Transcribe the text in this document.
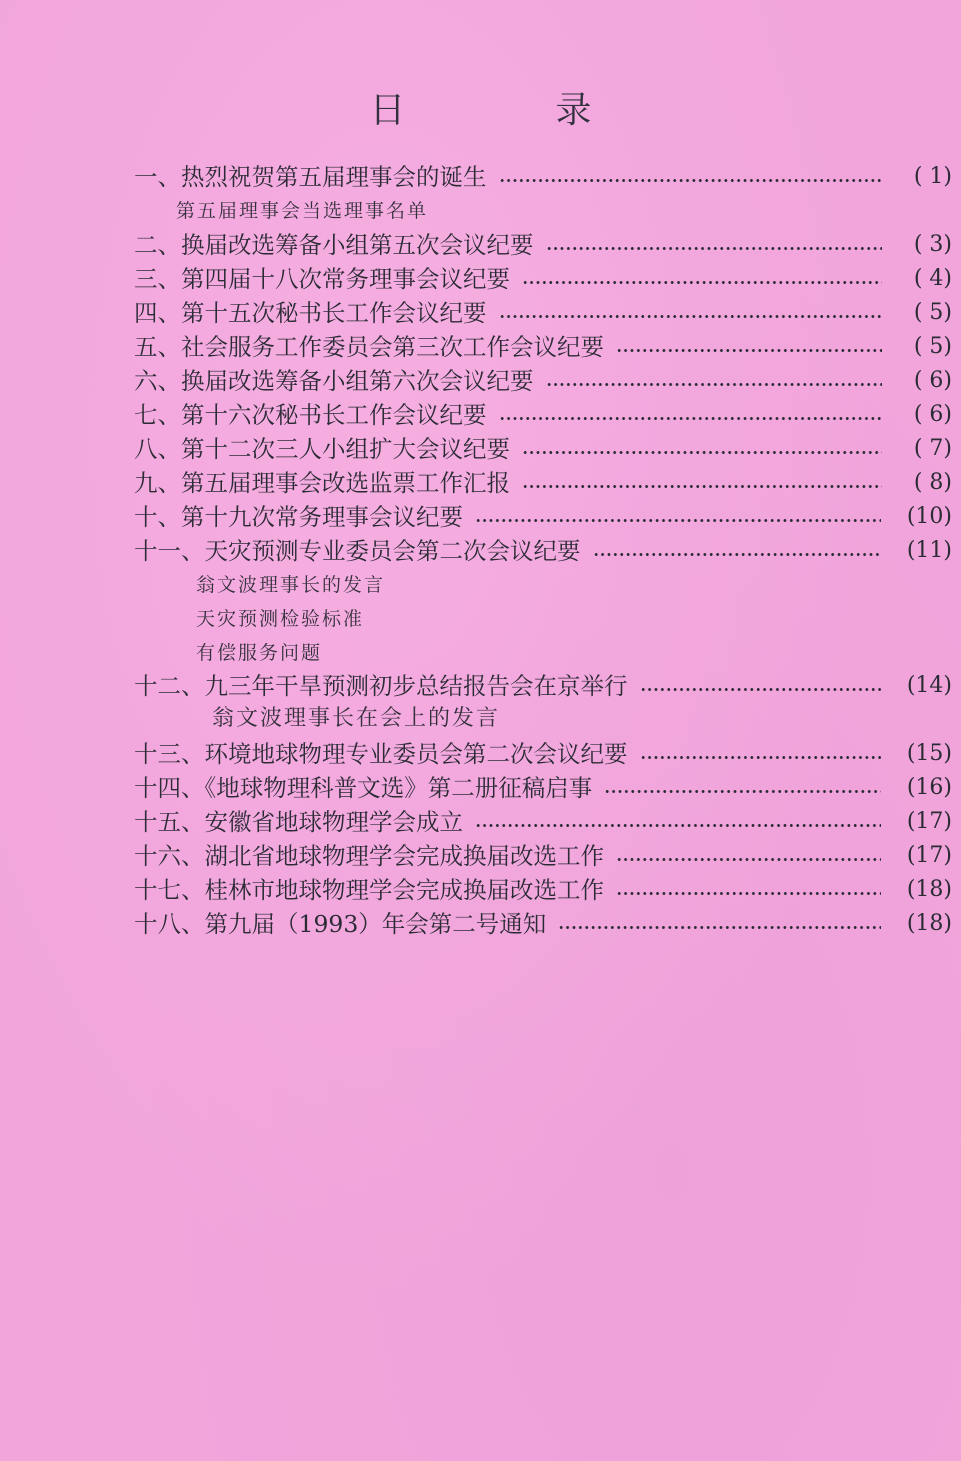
日	录
一、热烈祝贺第五届理事会的诞生	( 1)
第五届理事会当选理事名单
二、换届改选筹备小组第五次会议纪要	( 3)
三、第四届十八次常务理事会议纪要	( 4)
四、第十五次秘书长工作会议纪要	( 5)
五、社会服务工作委员会第三次工作会议纪要	( 5)
六、换届改选筹备小组第六次会议纪要	( 6)
七、第十六次秘书长工作会议纪要	( 6)
八、第十二次三人小组扩大会议纪要	( 7)
九、第五届理事会改选监票工作汇报	( 8)
十、第十九次常务理事会议纪要	(10)
十一、天灾预测专业委员会第二次会议纪要	(11)
翁文波理事长的发言
天灾预测检验标准
有偿服务问题
十二、九三年干旱预测初步总结报告会在京举行	(14)
翁文波理事长在会上的发言
十三、环境地球物理专业委员会第二次会议纪要	(15)
十四、《地球物理科普文选》第二册征稿启事	(16)
十五、安徽省地球物理学会成立	(17)
十六、湖北省地球物理学会完成换届改选工作	(17)
十七、桂林市地球物理学会完成换届改选工作	(18)
十八、第九届（1993）年会第二号通知	(18)
